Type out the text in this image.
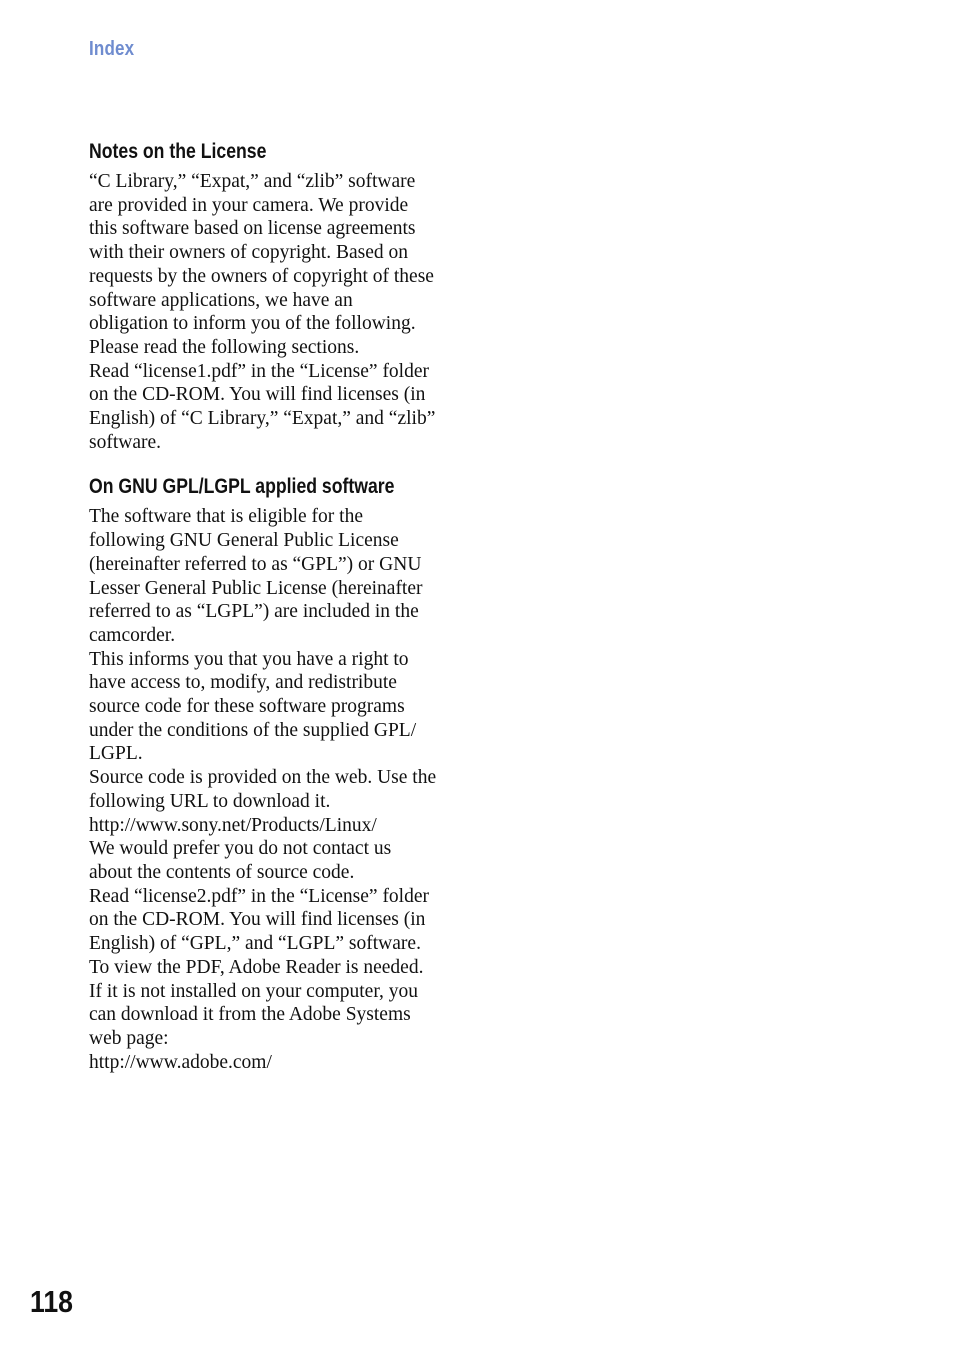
Index
Notes on the License

“C Library,” “Expat,” and “zlib” software
are provided in your camera. We provide
this software based on license agreements
with their owners of copyright. Based on
requests by the owners of copyright of these
software applications, we have an
obligation to inform you of the following.
Please read the following sections.
Read “license1.pdf” in the “License” folder
on the CD-ROM. You will find licenses (in
English) of “C Library,” “Expat,” and “zlib”
software.

On GNU GPL/LGPL applied software

The software that is eligible for the
following GNU General Public License
(hereinafter referred to as “GPL”) or GNU
Lesser General Public License (hereinafter
referred to as “LGPL”) are included in the
camcorder.
This informs you that you have a right to
have access to, modify, and redistribute
source code for these software programs
under the conditions of the supplied GPL/
LGPL.
Source code is provided on the web. Use the
following URL to download it.
http://www.sony.net/Products/Linux/
We would prefer you do not contact us
about the contents of source code.
Read “license2.pdf” in the “License” folder
on the CD-ROM. You will find licenses (in
English) of “GPL,” and “LGPL” software.
To view the PDF, Adobe Reader is needed.
If it is not installed on your computer, you
can download it from the Adobe Systems
web page:
http://www.adobe.com/

118
